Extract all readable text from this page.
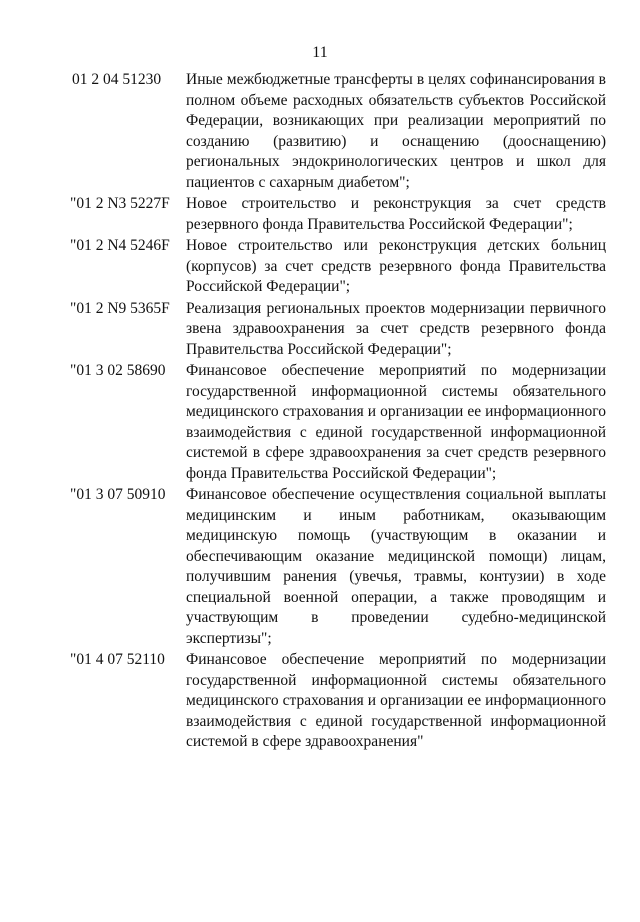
11
01 2 04 51230	Иные межбюджетные трансферты в целях софинансирования в полном объеме расходных обязательств субъектов Российской Федерации, возникающих при реализации мероприятий по созданию (развитию) и оснащению (дооснащению) региональных эндокринологических центров и школ для пациентов с сахарным диабетом";
"01 2 N3 5227F	Новое строительство и реконструкция за счет средств резервного фонда Правительства Российской Федерации";
"01 2 N4 5246F	Новое строительство или реконструкция детских больниц (корпусов) за счет средств резервного фонда Правительства Российской Федерации";
"01 2 N9 5365F	Реализация региональных проектов модернизации первичного звена здравоохранения за счет средств резервного фонда Правительства Российской Федерации";
"01 3 02 58690	Финансовое обеспечение мероприятий по модернизации государственной информационной системы обязательного медицинского страхования и организации ее информационного взаимодействия с единой государственной информационной системой в сфере здравоохранения за счет средств резервного фонда Правительства Российской Федерации";
"01 3 07 50910	Финансовое обеспечение осуществления социальной выплаты медицинским и иным работникам, оказывающим медицинскую помощь (участвующим в оказании и обеспечивающим оказание медицинской помощи) лицам, получившим ранения (увечья, травмы, контузии) в ходе специальной военной операции, а также проводящим и участвующим в проведении судебно-медицинской экспертизы";
"01 4 07 52110	Финансовое обеспечение мероприятий по модернизации государственной информационной системы обязательного медицинского страхования и организации ее информационного взаимодействия с единой государственной информационной системой в сфере здравоохранения"
